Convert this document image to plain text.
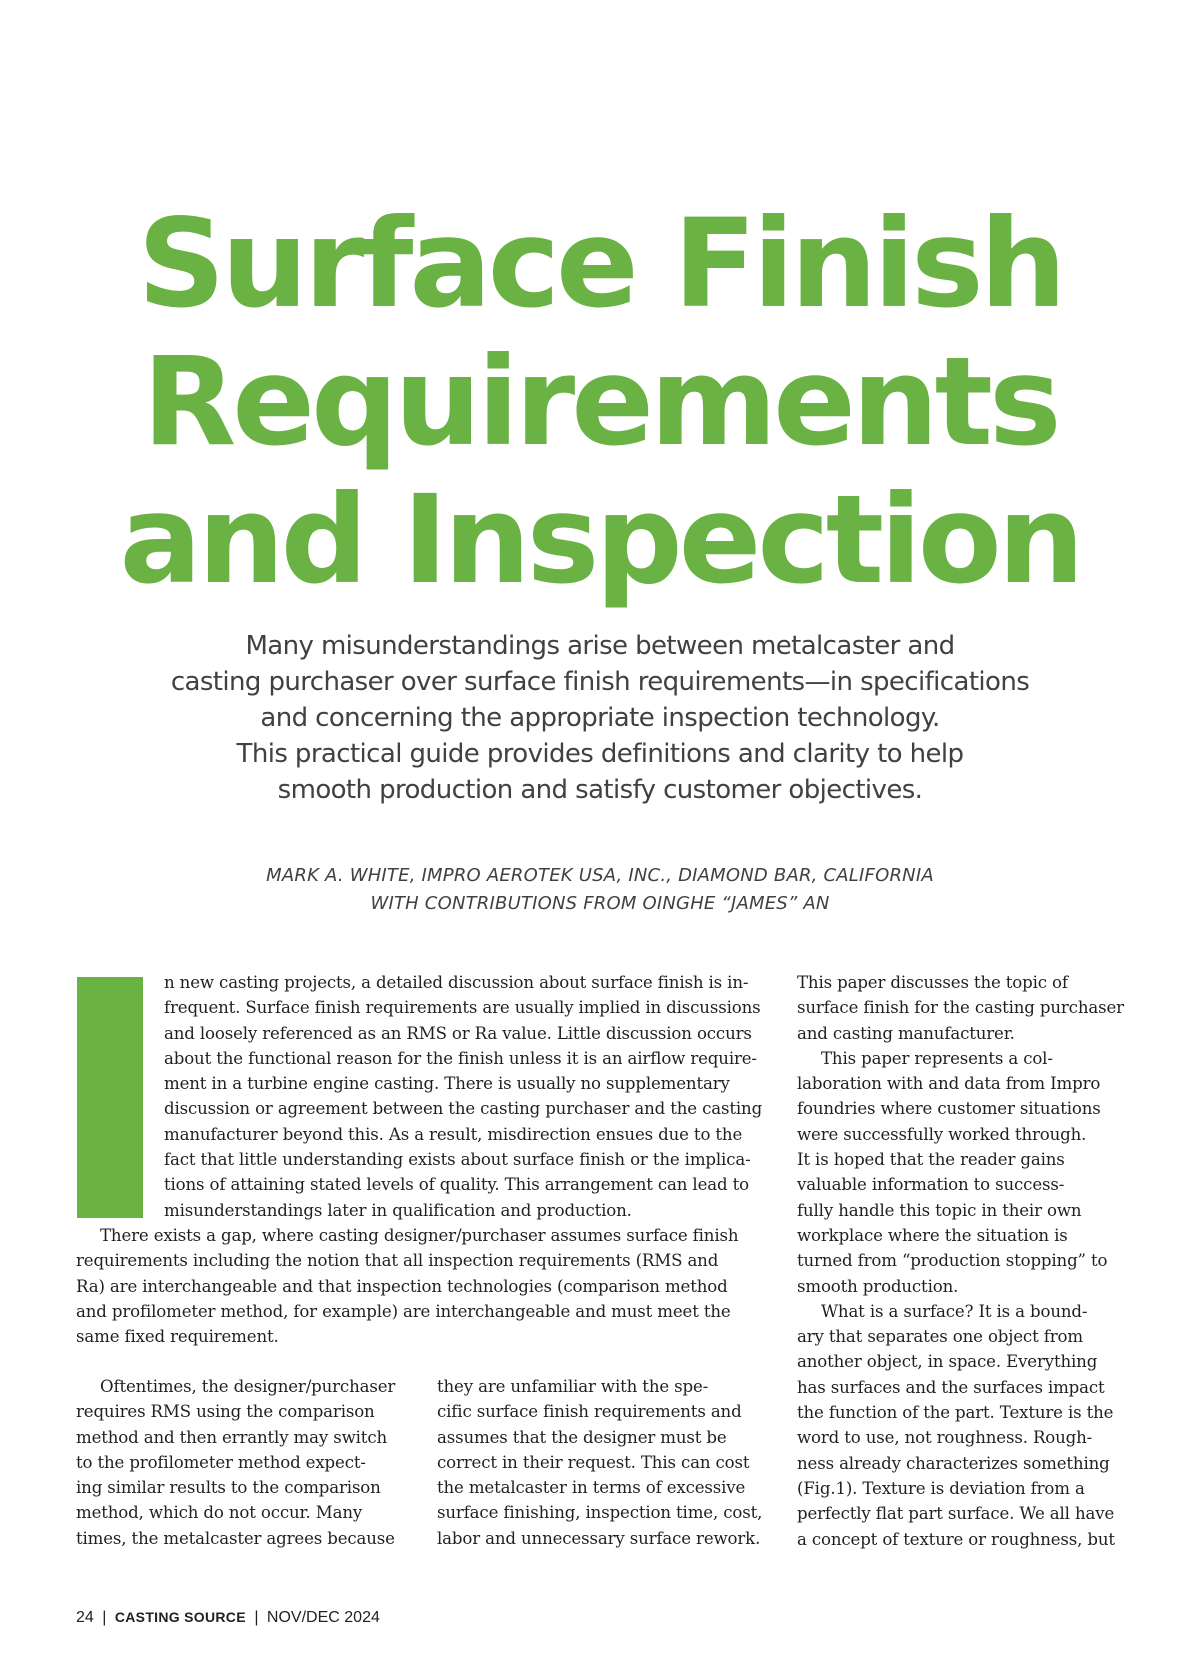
Surface Finish
Requirements
and Inspection

Many misunderstandings arise between metalcaster and
casting purchaser over surface finish requirements—in specifications
and concerning the appropriate inspection technology.
This practical guide provides definitions and clarity to help
smooth production and satisfy customer objectives.

MARK A. WHITE, IMPRO AEROTEK USA, INC., DIAMOND BAR, CALIFORNIA
WITH CONTRIBUTIONS FROM OINGHE “JAMES” AN
n new casting projects, a detailed discussion about surface finish is in-
frequent. Surface finish requirements are usually implied in discussions
and loosely referenced as an RMS or Ra value. Little discussion occurs
about the functional reason for the finish unless it is an airflow require-
ment in a turbine engine casting. There is usually no supplementary
discussion or agreement between the casting purchaser and the casting
manufacturer beyond this. As a result, misdirection ensues due to the
fact that little understanding exists about surface finish or the implica-
tions of attaining stated levels of quality. This arrangement can lead to
misunderstandings later in qualification and production.
There exists a gap, where casting designer/purchaser assumes surface finish
requirements including the notion that all inspection requirements (RMS and
Ra) are interchangeable and that inspection technologies (comparison method
and profilometer method, for example) are interchangeable and must meet the
same fixed requirement.
Oftentimes, the designer/purchaser
requires RMS using the comparison
method and then errantly may switch
to the profilometer method expect-
ing similar results to the comparison
method, which do not occur. Many
times, the metalcaster agrees because
they are unfamiliar with the spe-
cific surface finish requirements and
assumes that the designer must be
correct in their request. This can cost
the metalcaster in terms of excessive
surface finishing, inspection time, cost,
labor and unnecessary surface rework.
This paper discusses the topic of
surface finish for the casting purchaser
and casting manufacturer.
This paper represents a col-
laboration with and data from Impro
foundries where customer situations
were successfully worked through.
It is hoped that the reader gains
valuable information to success-
fully handle this topic in their own
workplace where the situation is
turned from “production stopping” to
smooth production.
What is a surface? It is a bound-
ary that separates one object from
another object, in space. Everything
has surfaces and the surfaces impact
the function of the part. Texture is the
word to use, not roughness. Rough-
ness already characterizes something
(Fig.1). Texture is deviation from a
perfectly flat part surface. We all have
a concept of texture or roughness, but
24 | CASTING SOURCE | NOV/DEC 2024
